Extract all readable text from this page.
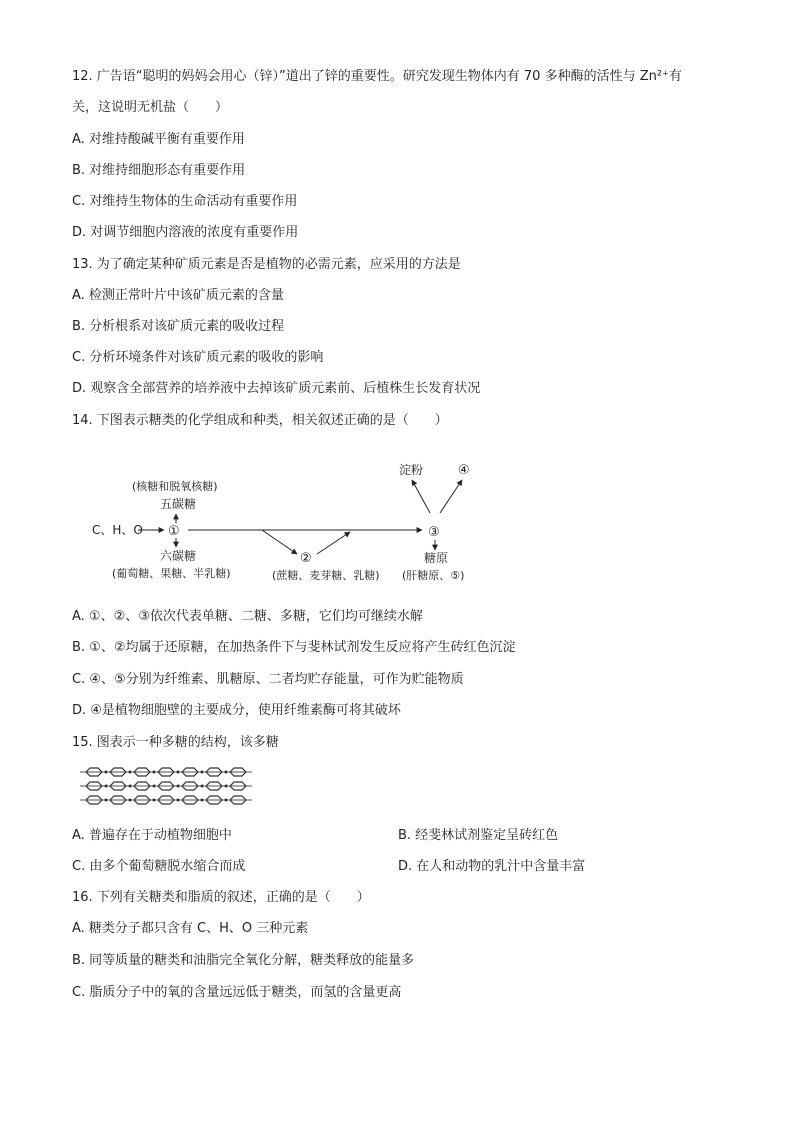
12. 广告语“聪明的妈妈会用心（锌）”道出了锌的重要性。研究发现生物体内有 70 多种酶的活性与 Zn²⁺有
关，这说明无机盐（　　）
A. 对维持酸碱平衡有重要作用
B. 对维持细胞形态有重要作用
C. 对维持生物体的生命活动有重要作用
D. 对调节细胞内溶液的浓度有重要作用
13. 为了确定某种矿质元素是否是植物的必需元素，应采用的方法是
A. 检测正常叶片中该矿质元素的含量
B. 分析根系对该矿质元素的吸收过程
C. 分析环境条件对该矿质元素的吸收的影响
D. 观察含全部营养的培养液中去掉该矿质元素前、后植株生长发育状况
14. 下图表示糖类的化学组成和种类，相关叙述正确的是（　　）
淀粉	④
(核糖和脱氧核糖)
五碳糖
C、H、O ①
六碳糖
(葡萄糖、果糖、半乳糖)
②
(蔗糖、麦芽糖、乳糖)
③
糖原
(肝糖原、⑤)
A. ①、②、③依次代表单糖、二糖、多糖，它们均可继续水解
B. ①、②均属于还原糖，在加热条件下与斐林试剂发生反应将产生砖红色沉淀
C. ④、⑤分别为纤维素、肌糖原、二者均贮存能量，可作为贮能物质
D. ④是植物细胞壁的主要成分，使用纤维素酶可将其破坏
15. 图表示一种多糖的结构，该多糖
A. 普遍存在于动植物细胞中	B. 经斐林试剂鉴定呈砖红色
C. 由多个葡萄糖脱水缩合而成	D. 在人和动物的乳汁中含量丰富
16. 下列有关糖类和脂质的叙述，正确的是（　　）
A. 糖类分子都只含有 C、H、O 三种元素
B. 同等质量的糖类和油脂完全氧化分解，糖类释放的能量多
C. 脂质分子中的氧的含量远远低于糖类，而氢的含量更高
